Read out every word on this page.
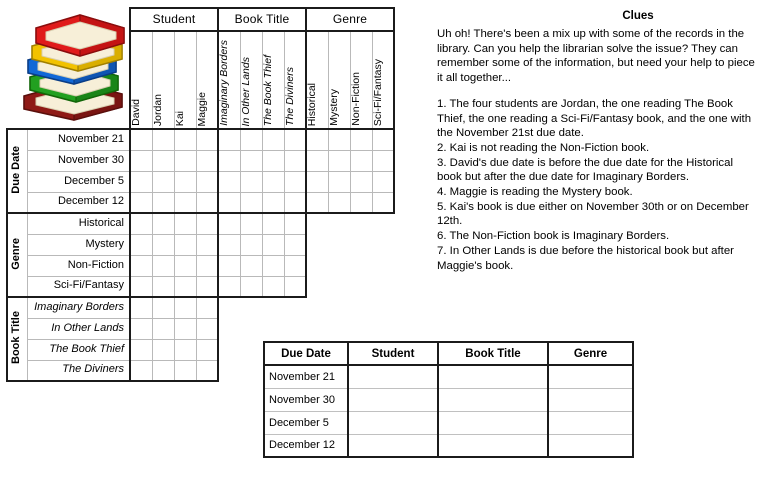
		Student				Book Title				Genre			

		David	Jordan	Kai	Maggie	Imaginary Borders	In Other Lands	The Book Thief	The Diviners	Historical	Mystery	Non-Fiction	Sci-Fi/Fantasy

Due Date	November 21												
	November 30												
	December 5												
	December 12												
Genre	Historical												
	Mystery												
	Non-Fiction												
	Sci-Fi/Fantasy												
Book Title	Imaginary Borders												
	In Other Lands												
	The Book Thief												
	The Diviners												
Clues

Uh oh! There's been a mix up with some of the records in the library. Can you help the librarian solve the issue? They can remember some of the information, but need your help to piece it all together...

1. The four students are Jordan, the one reading The Book Thief, the one reading a Sci-Fi/Fantasy book, and the one with the November 21st due date.

2. Kai is not reading the Non-Fiction book.

3. David's due date is before the due date for the Historical book but after the due date for Imaginary Borders.

4. Maggie is reading the Mystery book.

5. Kai's book is due either on November 30th or on December 12th.

6. The Non-Fiction book is Imaginary Borders.

7. In Other Lands is due before the historical book but after Maggie's book.

Due Date	Student	Book Title	Genre
November 21			
November 30			
December 5			
December 12			
